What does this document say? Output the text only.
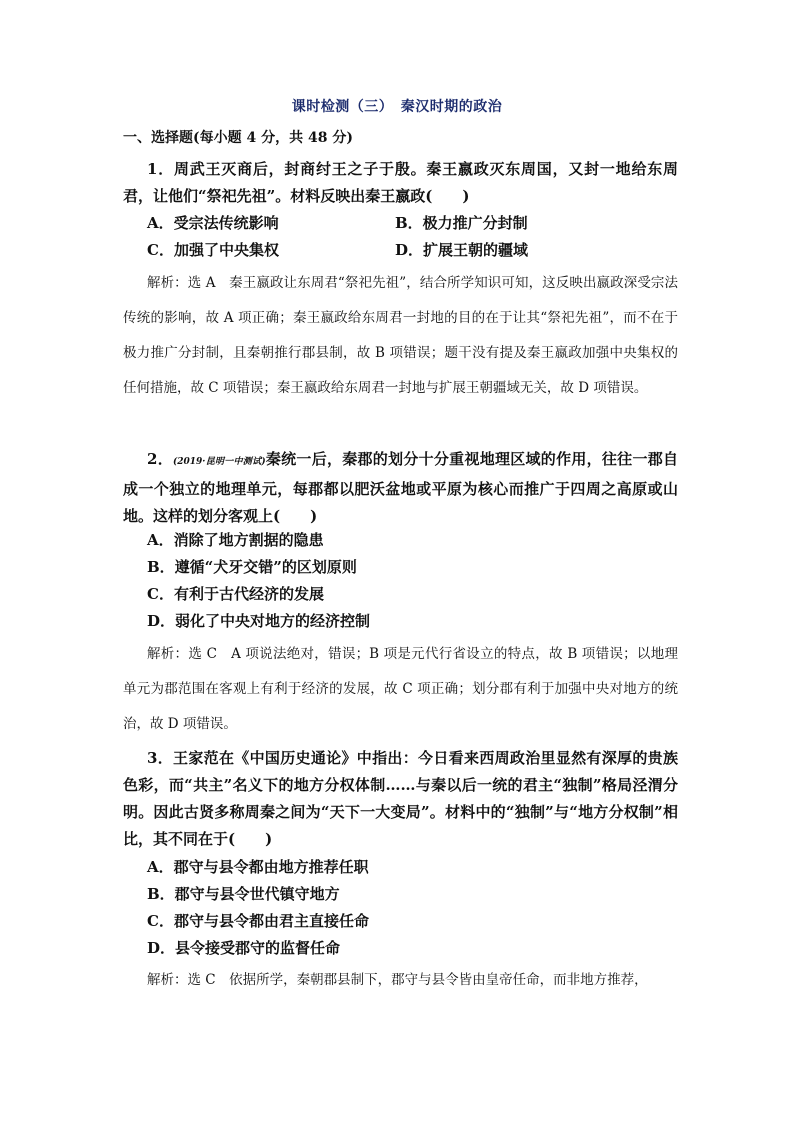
课时检测（三）　秦汉时期的政治
一、选择题(每小题 4 分，共 48 分)
1．周武王灭商后，封商纣王之子于殷。秦王嬴政灭东周国，又封一地给东周君，让他们“祭祀先祖”。材料反映出秦王嬴政(　　)
A．受宗法传统影响	B．极力推广分封制
C．加强了中央集权	D．扩展王朝的疆域
解析：选 A　秦王嬴政让东周君“祭祀先祖”，结合所学知识可知，这反映出嬴政深受宗法传统的影响，故 A 项正确；秦王嬴政给东周君一封地的目的在于让其“祭祀先祖”，而不在于极力推广分封制，且秦朝推行郡县制，故 B 项错误；题干没有提及秦王嬴政加强中央集权的任何措施，故 C 项错误；秦王嬴政给东周君一封地与扩展王朝疆域无关，故 D 项错误。
2．(2019·昆明一中测试)秦统一后，秦郡的划分十分重视地理区域的作用，往往一郡自成一个独立的地理单元，每郡都以肥沃盆地或平原为核心而推广于四周之高原或山地。这样的划分客观上(　　)
A．消除了地方割据的隐患
B．遵循“犬牙交错”的区划原则
C．有利于古代经济的发展
D．弱化了中央对地方的经济控制
解析：选 C　A 项说法绝对，错误；B 项是元代行省设立的特点，故 B 项错误；以地理单元为郡范围在客观上有利于经济的发展，故 C 项正确；划分郡有利于加强中央对地方的统治，故 D 项错误。
3．王家范在《中国历史通论》中指出：今日看来西周政治里显然有深厚的贵族色彩，而“共主”名义下的地方分权体制……与秦以后一统的君主“独制”格局泾渭分明。因此古贤多称周秦之间为“天下一大变局”。材料中的“独制”与“地方分权制”相比，其不同在于(　　)
A．郡守与县令都由地方推荐任职
B．郡守与县令世代镇守地方
C．郡守与县令都由君主直接任命
D．县令接受郡守的监督任命
解析：选 C　依据所学，秦朝郡县制下，郡守与县令皆由皇帝任命，而非地方推荐，
